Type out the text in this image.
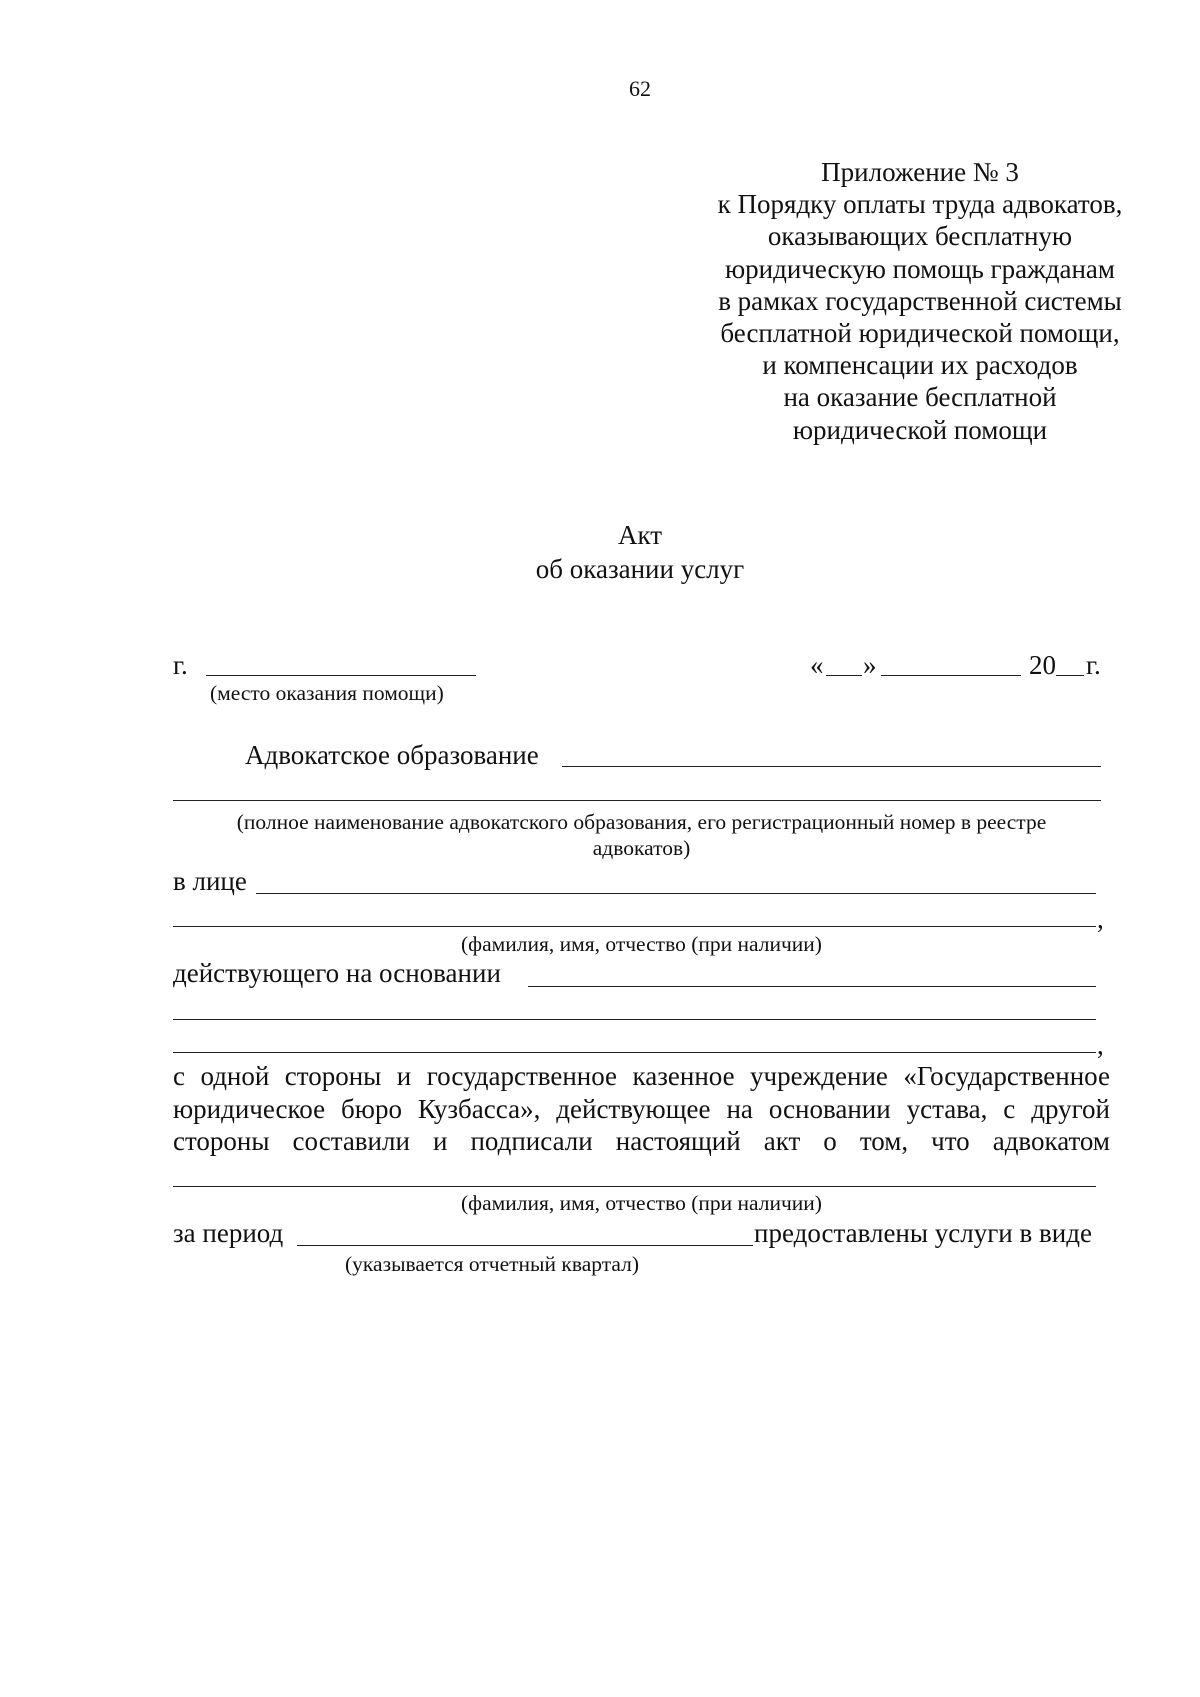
62
Приложение № 3
к Порядку оплаты труда адвокатов,
оказывающих бесплатную
юридическую помощь гражданам
в рамках государственной системы
бесплатной юридической помощи,
и компенсации их расходов
на оказание бесплатной
юридической помощи
Акт
об оказании услуг
г.
(место оказания помощи)
« »	20 г.
Адвокатское образование
(полное наименование адвокатского образования, его регистрационный номер в реестре
адвокатов)
в лице
,
(фамилия, имя, отчество (при наличии)
действующего на основании
,
с одной стороны и государственное казенное учреждение «Государственное
юридическое бюро Кузбасса», действующее на основании устава, с другой
стороны составили и подписали настоящий акт о том, что адвокатом
(фамилия, имя, отчество (при наличии)
за период	предоставлены услуги в виде
(указывается отчетный квартал)
